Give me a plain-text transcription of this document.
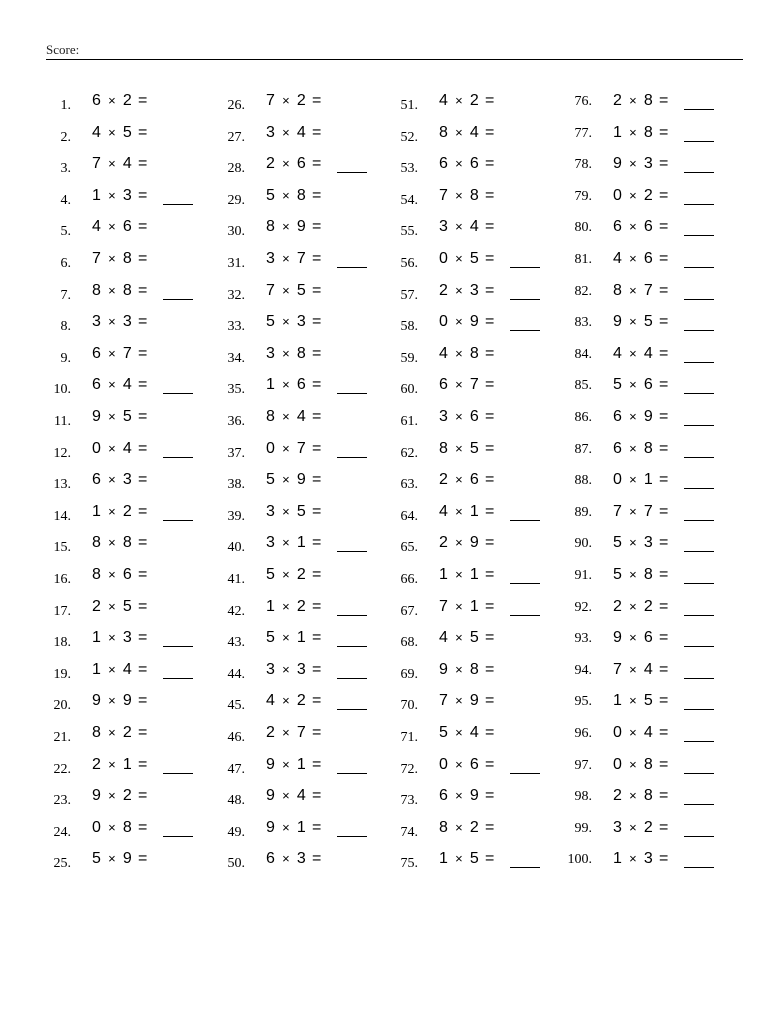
Score:
1. 6 × 2 =
2. 4 × 5 =
3. 7 × 4 =
4. 1 × 3 =
5. 4 × 6 =
6. 7 × 8 =
7. 8 × 8 =
8. 3 × 3 =
9. 6 × 7 =
10. 6 × 4 =
11. 9 × 5 =
12. 0 × 4 =
13. 6 × 3 =
14. 1 × 2 =
15. 8 × 8 =
16. 8 × 6 =
17. 2 × 5 =
18. 1 × 3 =
19. 1 × 4 =
20. 9 × 9 =
21. 8 × 2 =
22. 2 × 1 =
23. 9 × 2 =
24. 0 × 8 =
25. 5 × 9 =
26. 7 × 2 =
27. 3 × 4 =
28. 2 × 6 =
29. 5 × 8 =
30. 8 × 9 =
31. 3 × 7 =
32. 7 × 5 =
33. 5 × 3 =
34. 3 × 8 =
35. 1 × 6 =
36. 8 × 4 =
37. 0 × 7 =
38. 5 × 9 =
39. 3 × 5 =
40. 3 × 1 =
41. 5 × 2 =
42. 1 × 2 =
43. 5 × 1 =
44. 3 × 3 =
45. 4 × 2 =
46. 2 × 7 =
47. 9 × 1 =
48. 9 × 4 =
49. 9 × 1 =
50. 6 × 3 =
51. 4 × 2 =
52. 8 × 4 =
53. 6 × 6 =
54. 7 × 8 =
55. 3 × 4 =
56. 0 × 5 =
57. 2 × 3 =
58. 0 × 9 =
59. 4 × 8 =
60. 6 × 7 =
61. 3 × 6 =
62. 8 × 5 =
63. 2 × 6 =
64. 4 × 1 =
65. 2 × 9 =
66. 1 × 1 =
67. 7 × 1 =
68. 4 × 5 =
69. 9 × 8 =
70. 7 × 9 =
71. 5 × 4 =
72. 0 × 6 =
73. 6 × 9 =
74. 8 × 2 =
75. 1 × 5 =
76. 2 × 8 =
77. 1 × 8 =
78. 9 × 3 =
79. 0 × 2 =
80. 6 × 6 =
81. 4 × 6 =
82. 8 × 7 =
83. 9 × 5 =
84. 4 × 4 =
85. 5 × 6 =
86. 6 × 9 =
87. 6 × 8 =
88. 0 × 1 =
89. 7 × 7 =
90. 5 × 3 =
91. 5 × 8 =
92. 2 × 2 =
93. 9 × 6 =
94. 7 × 4 =
95. 1 × 5 =
96. 0 × 4 =
97. 0 × 8 =
98. 2 × 8 =
99. 3 × 2 =
100. 1 × 3 =
